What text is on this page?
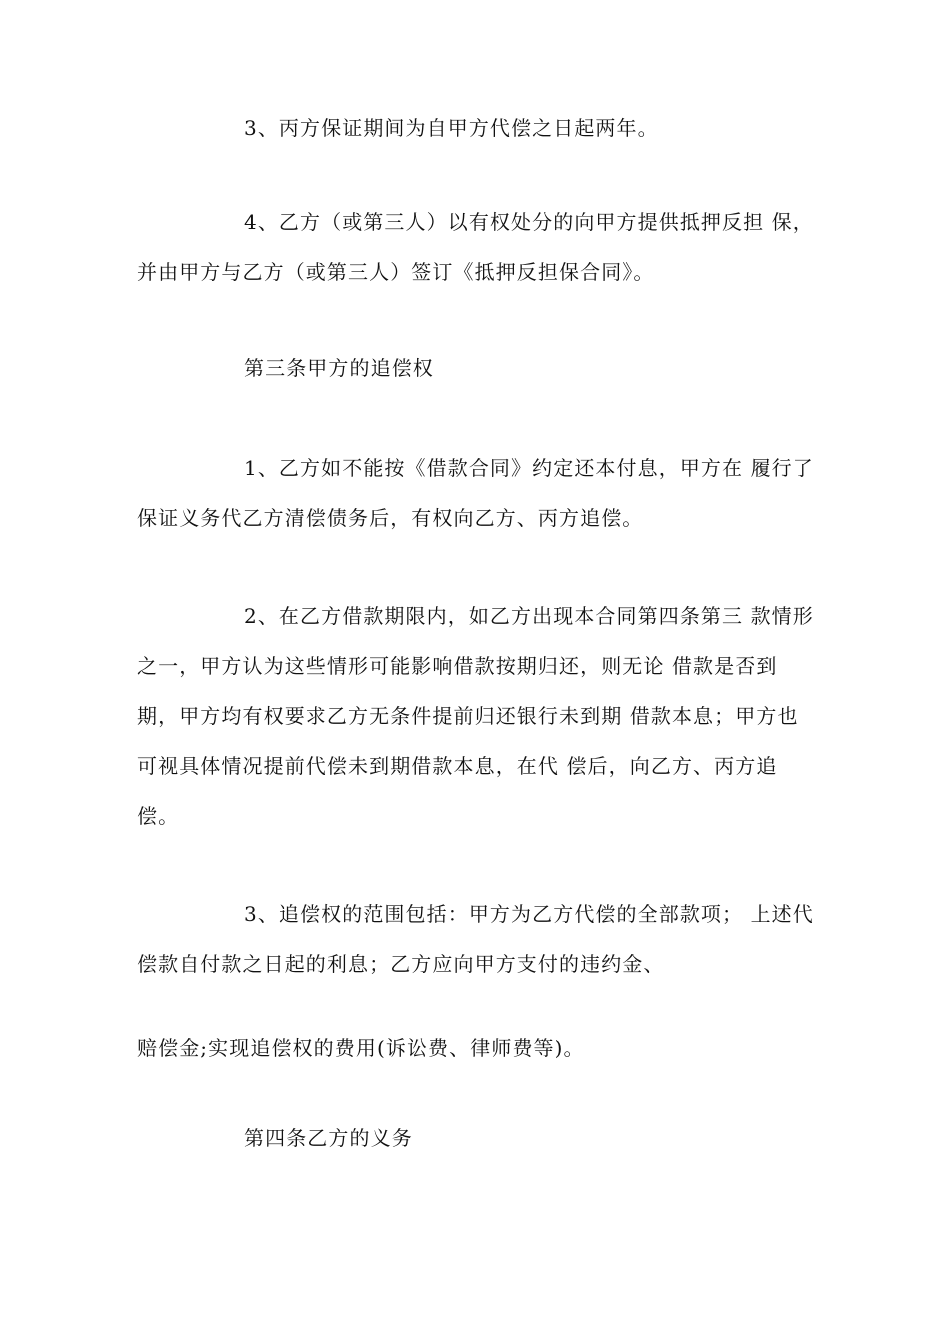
3、丙方保证期间为自甲方代偿之日起两年。
4、乙方（或第三人）以有权处分的向甲方提供抵押反担 保，
并由甲方与乙方（或第三人）签订《抵押反担保合同》。
第三条甲方的追偿权
1、乙方如不能按《借款合同》约定还本付息，甲方在 履行了
保证义务代乙方清偿债务后，有权向乙方、丙方追偿。
2、在乙方借款期限内，如乙方出现本合同第四条第三 款情形
之一，甲方认为这些情形可能影响借款按期归还，则无论 借款是否到
期，甲方均有权要求乙方无条件提前归还银行未到期 借款本息；甲方也
可视具体情况提前代偿未到期借款本息，在代 偿后，向乙方、丙方追
偿。
3、追偿权的范围包括：甲方为乙方代偿的全部款项； 上述代
偿款自付款之日起的利息；乙方应向甲方支付的违约金、
赔偿金;实现追偿权的费用(诉讼费、律师费等)。
第四条乙方的义务
